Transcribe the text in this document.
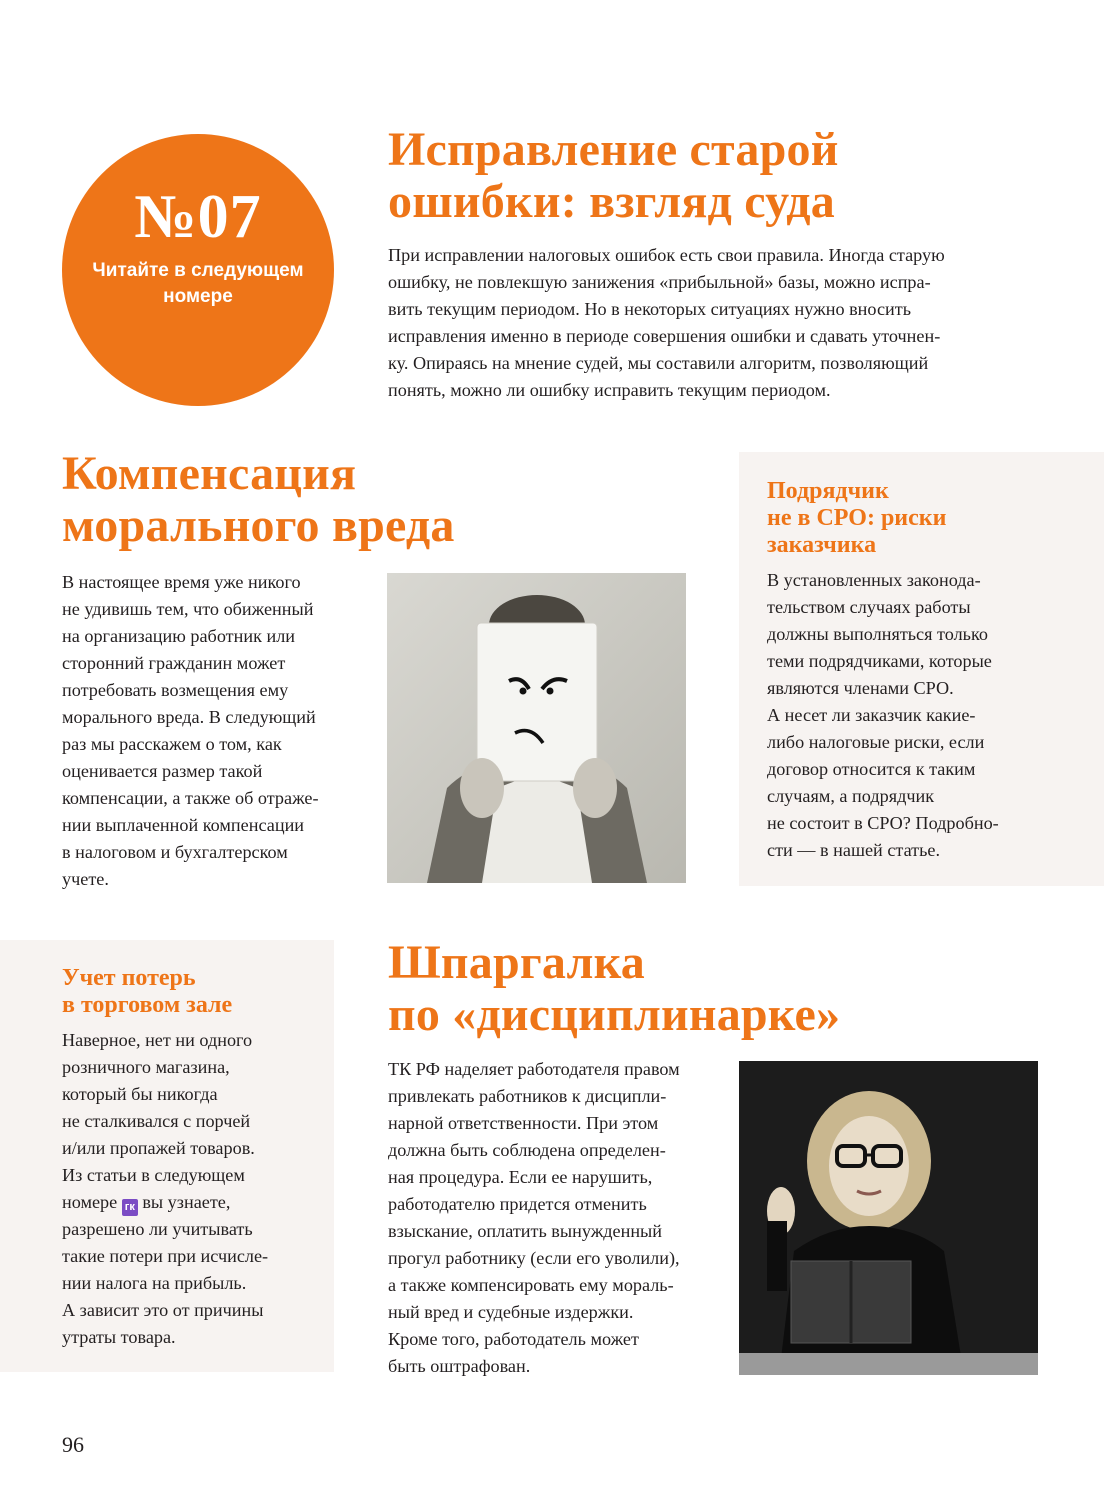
№07
Читайте в следующем номере
Исправление старой
ошибки: взгляд суда

При исправлении налоговых ошибок есть свои правила. Иногда старую

ошибку, не повлекшую занижения «прибыльной» базы, можно испра-

вить текущим периодом. Но в некоторых ситуациях нужно вносить

исправления именно в периоде совершения ошибки и сдавать уточнен-

ку. Опираясь на мнение судей, мы составили алгоритм, позволяющий

понять, можно ли ошибку исправить текущим периодом.

Компенсация
морального вреда

В настоящее время уже никого

не удивишь тем, что обиженный

на организацию работник или

сторонний гражданин может

потребовать возмещения ему

морального вреда. В следующий

раз мы расскажем о том, как

оценивается размер такой

компенсации, а также об отраже-

нии выплаченной компенсации

в налоговом и бухгалтерском

учете.

Подрядчик
не в СРО: риски
заказчика

В установленных законода-

тельством случаях работы

должны выполняться только

теми подрядчиками, которые

являются членами СРО.

А несет ли заказчик какие-

либо налоговые риски, если

договор относится к таким

случаям, а подрядчик

не состоит в СРО? Подробно-

сти — в нашей статье.

Учет потерь
в торговом зале

Наверное, нет ни одного

розничного магазина,

который бы никогда

не сталкивался с порчей

и/или пропажей товаров.

Из статьи в следующем

номере гк вы узнаете,

разрешено ли учитывать

такие потери при исчисле-

нии налога на прибыль.

А зависит это от причины

утраты товара.

Шпаргалка
по «дисциплинарке»

ТК РФ наделяет работодателя правом

привлекать работников к дисципли-

нарной ответственности. При этом

должна быть соблюдена определен-

ная процедура. Если ее нарушить,

работодателю придется отменить

взыскание, оплатить вынужденный

прогул работнику (если его уволили),

а также компенсировать ему мораль-

ный вред и судебные издержки.

Кроме того, работодатель может

быть оштрафован.

96
